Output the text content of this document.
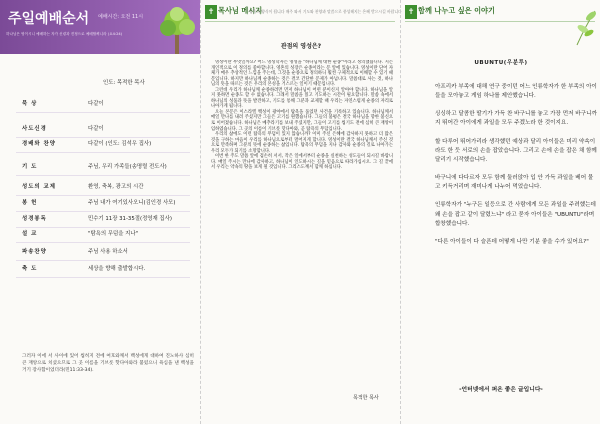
주일예배순서 예배시간: 오전 11시
하나님은 영이시니 예배하는 자가 신령과 진정으로 예배할찌니라 (요4:24)
인도: 목적한 목사
묵 상	다같이
사도신경	다같이
경배와 찬양	다같이 (인도: 김석우 집사)
기 도	주님, 우리 가족들(송명렬 전도사)
성도의 교제	환영, 축복, 광고의 시간
봉 헌	주님 내가 여기있사오니(김인경 사모)
성경봉독	민수기 11장 31-35절(정영재 집사)
설 교	"탐욕의 무덤을 지나"
파송찬양	주님 사용 하소서
축 도	세상을 향해 출발합시다.
그러자 이에 서 사이에 있어 씹히지 전에 여호와께서 백성에게 대하여 진노하사 심히 큰 재앙으로 치셨으므로 그 곳 이름을 기브롯 핫다아와라 불렀으니 욕심을 낸 백성을 거기 장사함이었더라(민11:33-34).
✝ 목사님 메시지
영혼의 양식이 됩니다 매주 와서 기도와 찬양과 말씀으로 풍성해지는 은혜 받으시길 바랍니다
관점의 영성은?

영성이란 무엇일까요? 어느 영성학자는 영성을 "하나님께 대한 순종"이라고 정의했습니다. 지는 개인적으로 이 정의를 좋아합니다. 영혼의 성장은 순종이라는 문 앞에 있습니다. 영성이란 단어 자체가 매우 추상적인 느낌을 주는데, 그것을 순종으로 정의하니 훨씬 구체적으로 이해할 수 있기 때문입니다. 하지만 하나님께 순종하는 것은 결코 간단한 문제가 아닙니다. 말씀대로 사는 것, 하나님의 뜻을 따르는 것은 우리의 본성을 거스르는 일이기 때문입니다.

그런데 우리가 하나님께 순종하려면 먼저 하나님이 어떤 분이신지 알아야 합니다. 하나님을 알지 못하면 순종도 할 수 없습니다. 그래서 말씀을 읽고 기도하는 시간이 필요합니다. 말씀 속에서 하나님의 성품과 뜻을 발견하고, 기도를 통해 그분과 교제할 때 우리는 자연스럽게 순종의 자리로 나아가게 됩니다.

오늘 본문은 이스라엘 백성이 광야에서 탐욕을 품었던 사건을 기록하고 있습니다. 하나님께서 매일 만나를 내려 주셨지만 그들은 고기를 원했습니다. 그들의 불평은 결국 하나님을 향한 불신으로 이어졌습니다. 하나님은 메추라기를 보내 주셨지만, 그들이 고기를 씹기도 전에 심히 큰 재앙이 임하였습니다. 그 곳의 이름이 기브롯 핫다아와, 곧 탐욕의 무덤입니다.

우리의 삶에도 이런 탐욕의 무덤이 있지 않습니까? 이미 주신 은혜에 감사하지 못하고 더 많은 것을 구하는 마음이 우리를 하나님으로부터 멀어지게 합니다. 영성이란 결국 하나님께서 주신 것으로 만족하며 그분의 뜻에 순종하는 삶입니다. 탐욕의 무덤을 지나 감사와 순종의 길로 나아가는 우리 모두가 되기를 소망합니다.

이번 한 주도 말씀 앞에 겸손히 서서, 작은 일에서부터 순종을 실천하는 성도들이 되시길 바랍니다. 매일 주시는 만나에 감사하고, 하나님이 인도하시는 길을 믿음으로 따라가십시오. 그 길 끝에서 우리는 약속의 땅을 보게 될 것입니다. 그리스도께서 함께 하십니다.

목적한 목사
✝ 함께 나누고 싶은 이야기
UBUNTU(우분투)

아프리카 부족에 대해 연구 중이던 어느 인류학자가 한 부족의 아이들을 모아놓고 게임 하나를 제안했습니다.

싱싱하고 달콤한 딸기가 가득 찬 바구니를 놓고 가장 먼저 바구니까지 뛰어간 아이에게 과일을 모두 주겠노라 한 것이지요.

할 다루어 뛰어가리라 생각했던 예상과 달리 아이들은 미리 약속이라도 한 듯 서로의 손을 잡았습니다. 그리고 손에 손을 잡은 채 함께 달리기 시작했습니다.

바구니에 다다르자 모두 함께 둘러앉아 입 안 가득 과일을 베어 물고 키득거리며 재미나게 나누어 먹었습니다.

인류학자가 "누구든 일등으로 간 사람에게 모든 과일을 주려했는데 왜 손을 잡고 같이 달렸느냐" 라고 묻자 아이들은 "UBUNTU"라며 합창했습니다.

"다른 아이들이 다 슬픈데 어떻게 나만 기분 좋을 수가 있어요?"

-언터넷에서 퍼온 좋은 글입니다-
